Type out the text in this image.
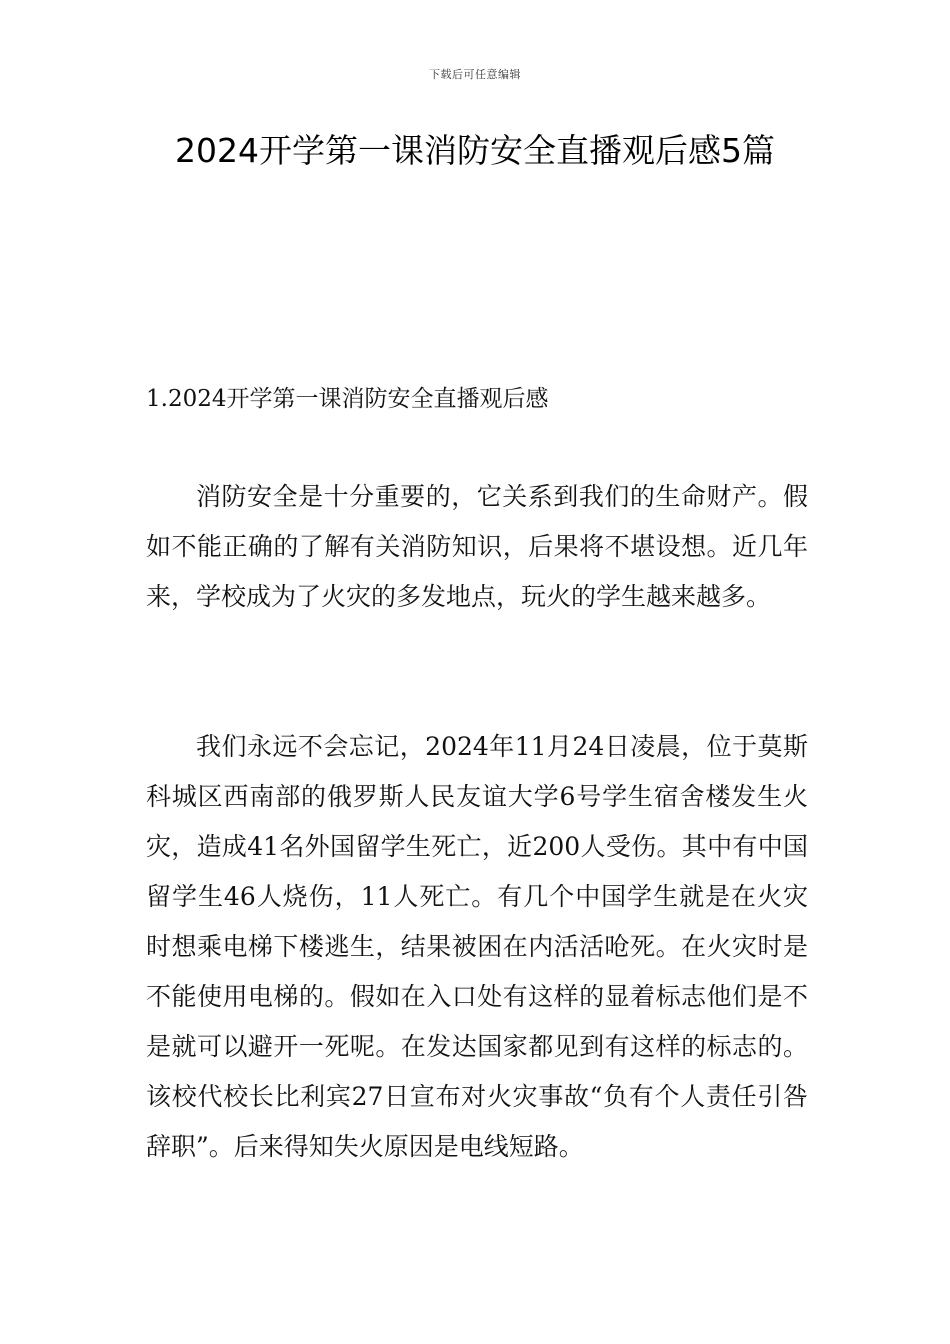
下载后可任意编辑
2024开学第一课消防安全直播观后感5篇
1.2024开学第一课消防安全直播观后感

消防安全是十分重要的，它关系到我们的生命财产。假如不能正确的了解有关消防知识，后果将不堪设想。近几年来，学校成为了火灾的多发地点，玩火的学生越来越多。

我们永远不会忘记，2024年11月24日凌晨，位于莫斯科城区西南部的俄罗斯人民友谊大学6号学生宿舍楼发生火灾，造成41名外国留学生死亡，近200人受伤。其中有中国留学生46人烧伤，11人死亡。有几个中国学生就是在火灾时想乘电梯下楼逃生，结果被困在内活活呛死。在火灾时是不能使用电梯的。假如在入口处有这样的显着标志他们是不是就可以避开一死呢。在发达国家都见到有这样的标志的。该校代校长比利宾27日宣布对火灾事故“负有个人责任引咎辞职”。后来得知失火原因是电线短路。
